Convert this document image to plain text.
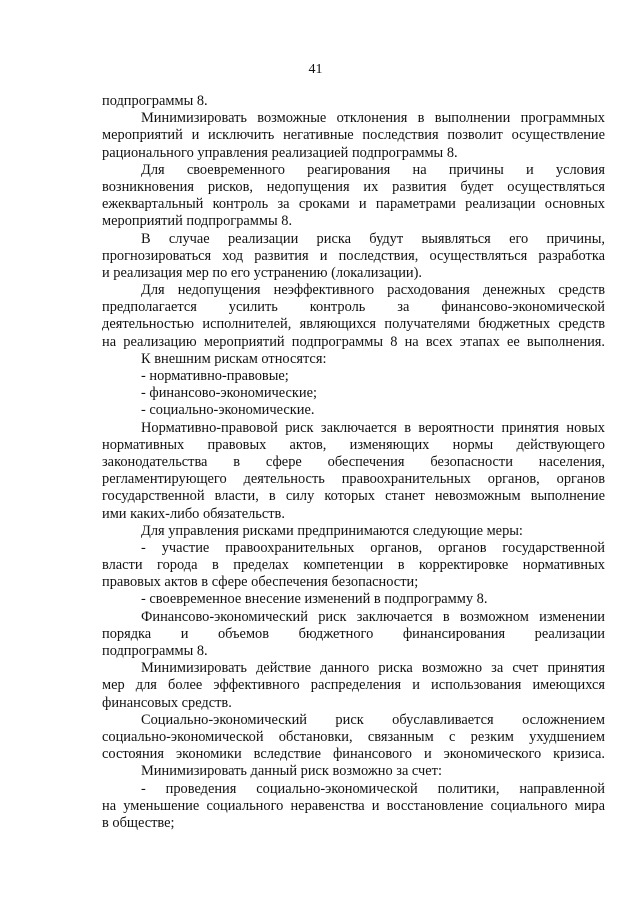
41
подпрограммы 8.
Минимизировать возможные отклонения в выполнении программных
мероприятий и исключить негативные последствия позволит осуществление
рационального управления реализацией подпрограммы 8.
Для своевременного реагирования на причины и условия
возникновения рисков, недопущения их развития будет осуществляться
ежеквартальный контроль за сроками и параметрами реализации основных
мероприятий подпрограммы 8.
В случае реализации риска будут выявляться его причины,
прогнозироваться ход развития и последствия, осуществляться разработка
и реализация мер по его устранению (локализации).
Для недопущения неэффективного расходования денежных средств
предполагается усилить контроль за финансово-экономической
деятельностью исполнителей, являющихся получателями бюджетных средств
на реализацию мероприятий подпрограммы 8 на всех этапах ее выполнения.
К внешним рискам относятся:
- нормативно-правовые;
- финансово-экономические;
- социально-экономические.
Нормативно-правовой риск заключается в вероятности принятия новых
нормативных правовых актов, изменяющих нормы действующего
законодательства в сфере обеспечения безопасности населения,
регламентирующего деятельность правоохранительных органов, органов
государственной власти, в силу которых станет невозможным выполнение
ими каких-либо обязательств.
Для управления рисками предпринимаются следующие меры:
- участие правоохранительных органов, органов государственной
власти города в пределах компетенции в корректировке нормативных
правовых актов в сфере обеспечения безопасности;
- своевременное внесение изменений в подпрограмму 8.
Финансово-экономический риск заключается в возможном изменении
порядка и объемов бюджетного финансирования реализации
подпрограммы 8.
Минимизировать действие данного риска возможно за счет принятия
мер для более эффективного распределения и использования имеющихся
финансовых средств.
Социально-экономический риск обуславливается осложнением
социально-экономической обстановки, связанным с резким ухудшением
состояния экономики вследствие финансового и экономического кризиса.
Минимизировать данный риск возможно за счет:
- проведения социально-экономической политики, направленной
на уменьшение социального неравенства и восстановление социального мира
в обществе;
